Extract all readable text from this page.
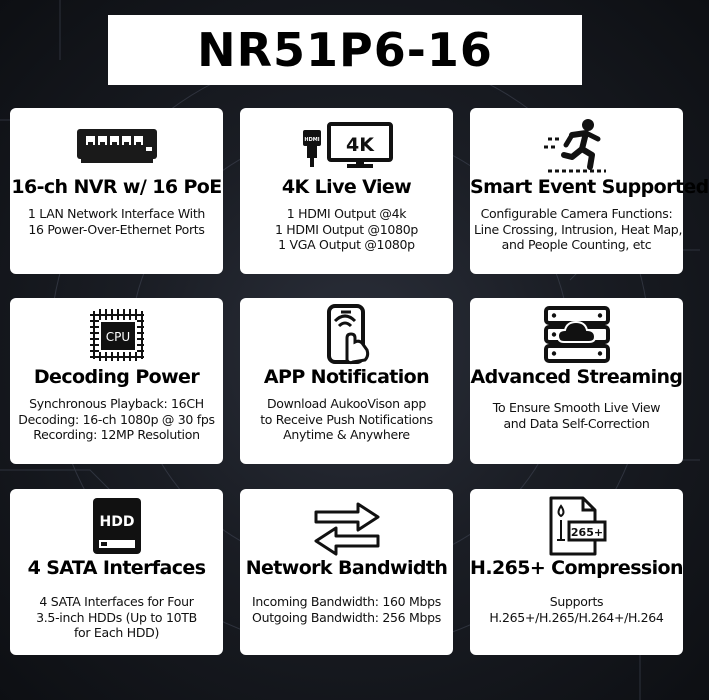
NR51P6-16
16-ch NVR w/ 16 PoE
1 LAN Network Interface With
16 Power-Over-Ethernet Ports
HDMI 4K
4K Live View
1 HDMI Output @4k
1 HDMI Output @1080p
1 VGA Output @1080p
Smart Event Supported
Configurable Camera Functions:
Line Crossing, Intrusion, Heat Map,
and People Counting, etc
CPU
Decoding Power
Synchronous Playback: 16CH
Decoding: 16-ch 1080p @ 30 fps
Recording: 12MP Resolution
APP Notification
Download AukooVison app
to Receive Push Notifications
Anytime & Anywhere
Advanced Streaming
To Ensure Smooth Live View
and Data Self-Correction
HDD
4 SATA Interfaces
4 SATA Interfaces for Four
3.5-inch HDDs (Up to 10TB
for Each HDD)
Network Bandwidth
Incoming Bandwidth: 160 Mbps
Outgoing Bandwidth: 256 Mbps
265+
H.265+ Compression
Supports
H.265+/H.265/H.264+/H.264
